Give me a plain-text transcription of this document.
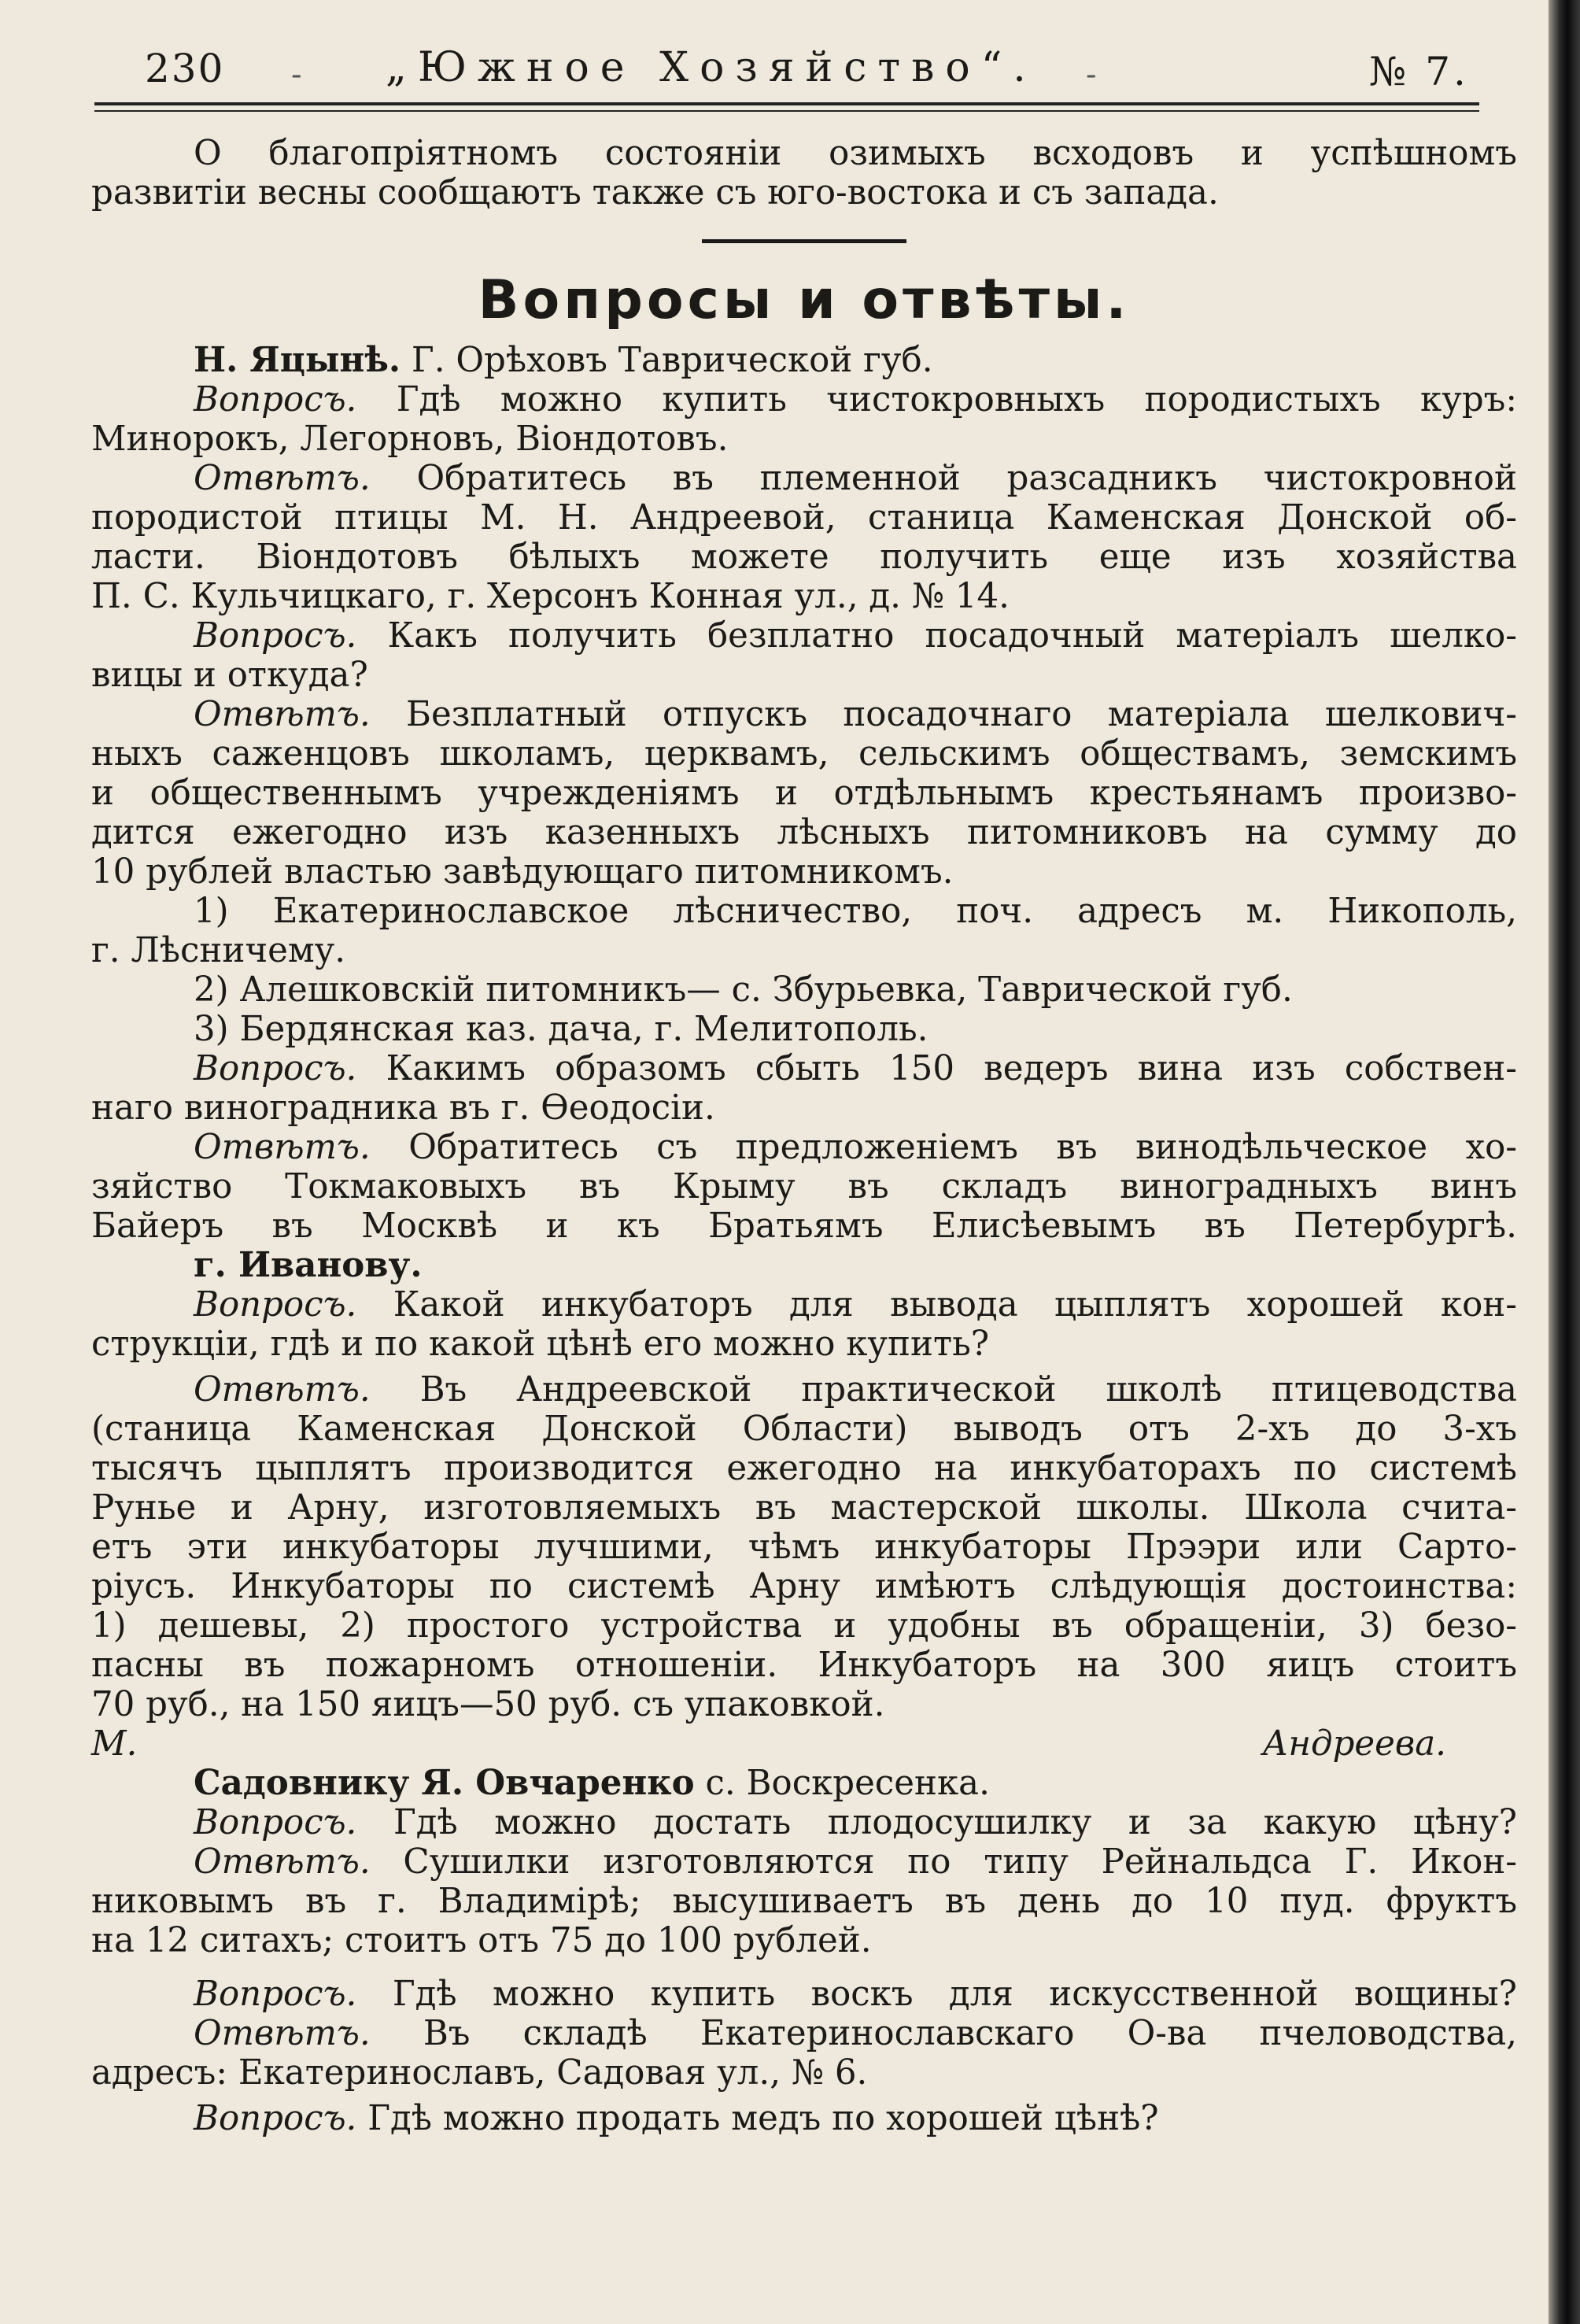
230 - „Южное Хозяйство“. -	№ 7.

О благопріятномъ состояніи озимыхъ всходовъ и успѣшномъ

развитіи весны сообщаютъ также съ юго-востока и съ запада.

Вопросы и отвѣты.

Н. Яцынѣ. Г. Орѣховъ Таврической губ.

Вопросъ. Гдѣ можно купить чистокровныхъ породистыхъ куръ:

Минорокъ, Легорновъ, Віондотовъ.

Отвѣтъ. Обратитесь въ племенной разсадникъ чистокровной

породистой птицы М. Н. Андреевой, станица Каменская Донской об-

ласти. Віондотовъ бѣлыхъ можете получить еще изъ хозяйства

П. С. Кульчицкаго, г. Херсонъ Конная ул., д. № 14.

Вопросъ. Какъ получить безплатно посадочный матеріалъ шелко-

вицы и откуда?

Отвѣтъ. Безплатный отпускъ посадочнаго матеріала шелкович-

ныхъ саженцовъ школамъ, церквамъ, сельскимъ обществамъ, земскимъ

и общественнымъ учрежденіямъ и отдѣльнымъ крестьянамъ произво-

дится ежегодно изъ казенныхъ лѣсныхъ питомниковъ на сумму до

10 рублей властью завѣдующаго питомникомъ.

1) Екатеринославское лѣсничество, поч. адресъ м. Никополь,

г. Лѣсничему.

2) Алешковскій питомникъ— с. Збурьевка, Таврической губ.

3) Бердянская каз. дача, г. Мелитополь.

Вопросъ. Какимъ образомъ сбыть 150 ведеръ вина изъ собствен-

наго виноградника въ г. Ѳеодосіи.

Отвѣтъ. Обратитесь съ предложеніемъ въ винодѣльческое хо-

зяйство Токмаковыхъ въ Крыму въ складъ виноградныхъ винъ

Байеръ въ Москвѣ и къ Братьямъ Елисѣевымъ въ Петербургѣ.

г. Иванову.

Вопросъ. Какой инкубаторъ для вывода цыплятъ хорошей кон-

струкціи, гдѣ и по какой цѣнѣ его можно купить?

Отвѣтъ. Въ Андреевской практической школѣ птицеводства

(станица Каменская Донской Области) выводъ отъ 2-хъ до 3-хъ

тысячъ цыплятъ производится ежегодно на инкубаторахъ по системѣ

Рунье и Арну, изготовляемыхъ въ мастерской школы. Школа счита-

етъ эти инкубаторы лучшими, чѣмъ инкубаторы Прээри или Сарто-

ріусъ. Инкубаторы по системѣ Арну имѣютъ слѣдующія достоинства:

1) дешевы, 2) простого устройства и удобны въ обращеніи, 3) безо-

пасны въ пожарномъ отношеніи. Инкубаторъ на 300 яицъ стоитъ

70 руб., на 150 яицъ—50 руб. съ упаковкой.

М. Андреева.

Садовнику Я. Овчаренко с. Воскресенка.

Вопросъ. Гдѣ можно достать плодосушилку и за какую цѣну?

Отвѣтъ. Сушилки изготовляются по типу Рейнальдса Г. Икон-

никовымъ въ г. Владимірѣ; высушиваетъ въ день до 10 пуд. фруктъ

на 12 ситахъ; стоитъ отъ 75 до 100 рублей.

Вопросъ. Гдѣ можно купить воскъ для искусственной вощины?

Отвѣтъ. Въ складѣ Екатеринославскаго О-ва пчеловодства,

адресъ: Екатеринославъ, Садовая ул., № 6.

Вопросъ. Гдѣ можно продать медъ по хорошей цѣнѣ?
